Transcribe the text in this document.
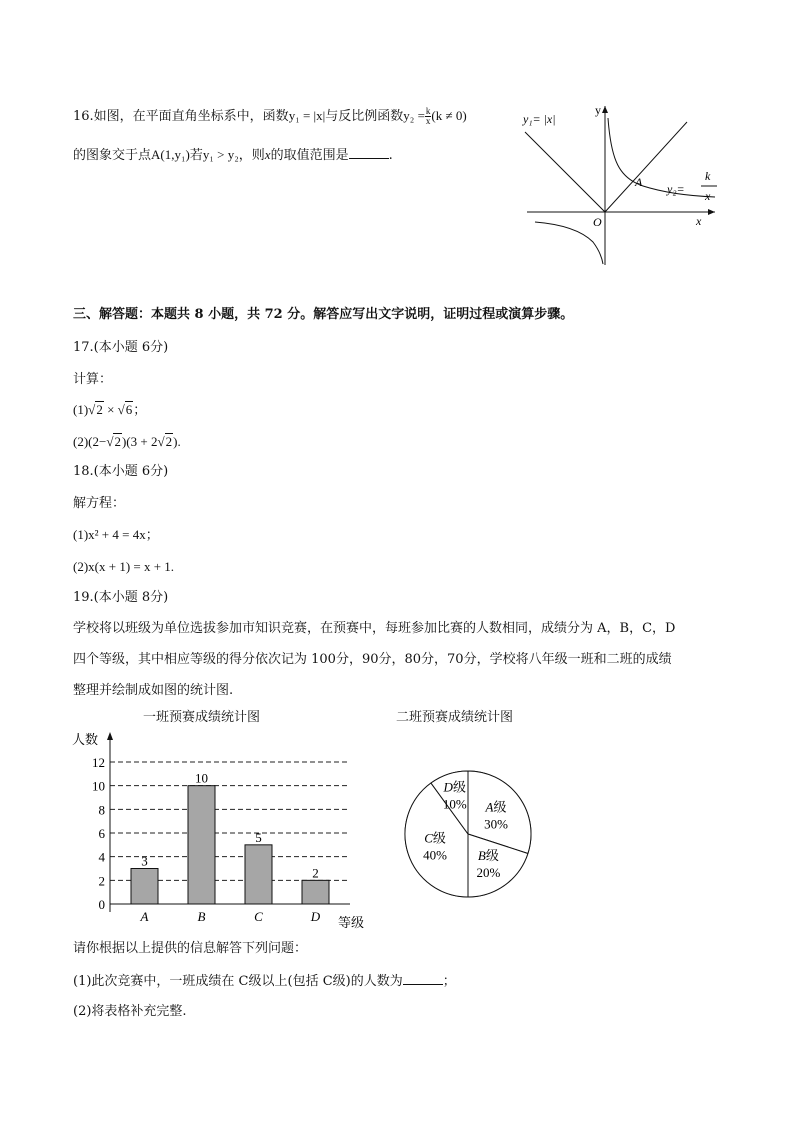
16.如图，在平面直角坐标系中，函数y₁ = |x|与反比例函数$y_2 = \frac{k}{x} (k \ne 0)$
的图象交于点A(1,y₁)若y₁ > y₂，则x的取值范围是	.
y₁= |x|
y
x
O
A y₂=
k
x
三、解答题：本题共 8 小题，共 72 分。解答应写出文字说明，证明过程或演算步骤。
17.(本小题 6分)
计算：
(1)√2 × √6；
(2)(2−√2)(3 + 2√2).
18.(本小题 6分)
解方程：
(1)x² + 4 = 4x；
(2)x(x + 1) = x + 1.
19.(本小题 8分)
学校将以班级为单位选拔参加市知识竞赛，在预赛中，每班参加比赛的人数相同，成绩分为 A，B，C，D
四个等级，其中相应等级的得分依次记为 100分，90分，80分，70分，学校将八年级一班和二班的成绩
整理并绘制成如图的统计图.
一班预赛成绩统计图
0
2
4
6
8
10
12
人数
等级
3
A
10
B
5
C
2
D
二班预赛成绩统计图
A级
30%
B级
20%
C级
40%
D级
10%
请你根据以上提供的信息解答下列问题：
(1)此次竞赛中，一班成绩在 C级以上(包括 C级)的人数为	；
(2)将表格补充完整.
